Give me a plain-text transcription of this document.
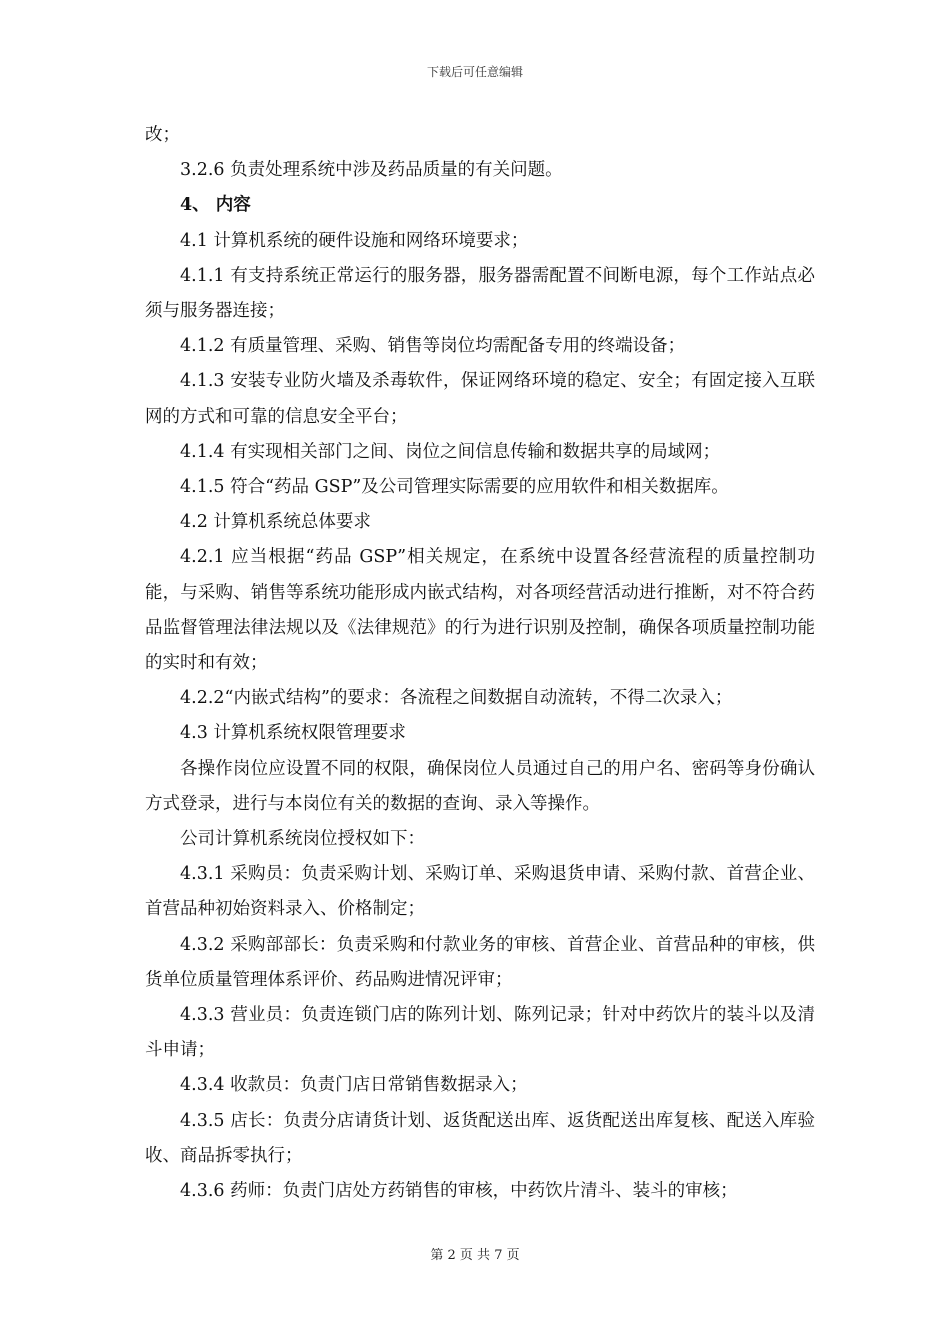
下载后可任意编辑

改；

3.2.6 负责处理系统中涉及药品质量的有关问题。

4、 内容

4.1 计算机系统的硬件设施和网络环境要求；

4.1.1 有支持系统正常运行的服务器，服务器需配置不间断电源，每个工作站点必须与服务器连接；

4.1.2 有质量管理、采购、销售等岗位均需配备专用的终端设备；

4.1.3 安装专业防火墙及杀毒软件，保证网络环境的稳定、安全；有固定接入互联网的方式和可靠的信息安全平台；

4.1.4 有实现相关部门之间、岗位之间信息传输和数据共享的局域网；

4.1.5 符合“药品 GSP”及公司管理实际需要的应用软件和相关数据库。

4.2 计算机系统总体要求

4.2.1 应当根据“药品 GSP”相关规定，在系统中设置各经营流程的质量控制功能，与采购、销售等系统功能形成内嵌式结构，对各项经营活动进行推断，对不符合药品监督管理法律法规以及《法律规范》的行为进行识别及控制，确保各项质量控制功能的实时和有效；

4.2.2“内嵌式结构”的要求：各流程之间数据自动流转，不得二次录入；

4.3 计算机系统权限管理要求

各操作岗位应设置不同的权限，确保岗位人员通过自己的用户名、密码等身份确认方式登录，进行与本岗位有关的数据的查询、录入等操作。

公司计算机系统岗位授权如下：

4.3.1 采购员：负责采购计划、采购订单、采购退货申请、采购付款、首营企业、首营品种初始资料录入、价格制定；

4.3.2 采购部部长：负责采购和付款业务的审核、首营企业、首营品种的审核，供货单位质量管理体系评价、药品购进情况评审；

4.3.3 营业员：负责连锁门店的陈列计划、陈列记录；针对中药饮片的装斗以及清斗申请；

4.3.4 收款员：负责门店日常销售数据录入；

4.3.5 店长：负责分店请货计划、返货配送出库、返货配送出库复核、配送入库验收、商品拆零执行；

4.3.6 药师：负责门店处方药销售的审核，中药饮片清斗、装斗的审核；

第 2 页 共 7 页
